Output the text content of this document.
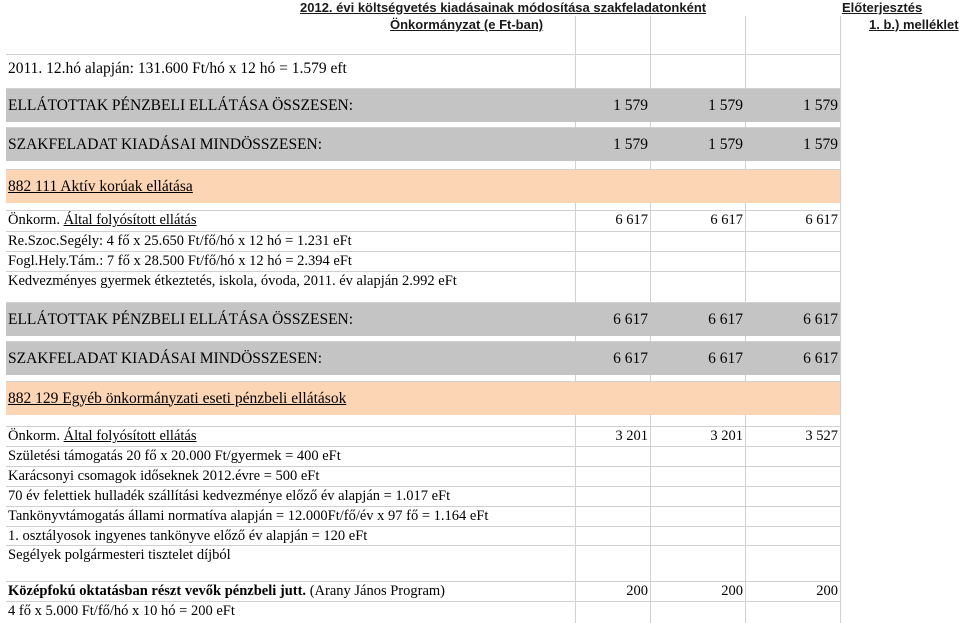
2012. évi költségvetés kiadásainak módosítása szakfeladatonként	Előterjesztés
Önkormányzat (e Ft-ban)	1. b.) melléklet
2011. 12.hó alapján: 131.600 Ft/hó x 12 hó = 1.579 eft
ELLÁTOTTAK PÉNZBELI ELLÁTÁSA ÖSSZESEN:	1 579	1 579	1 579
SZAKFELADAT KIADÁSAI MINDÖSSZESEN:	1 579	1 579	1 579
882 111 Aktív korúak ellátása
Önkorm. Által folyósított ellátás	6 617	6 617	6 617
Re.Szoc.Segély: 4 fő x 25.650 Ft/fő/hó x 12 hó = 1.231 eFt
Fogl.Hely.Tám.: 7 fő x 28.500 Ft/fő/hó x 12 hó = 2.394 eFt
Kedvezményes gyermek étkeztetés, iskola, óvoda, 2011. év alapján 2.992 eFt
ELLÁTOTTAK PÉNZBELI ELLÁTÁSA ÖSSZESEN:	6 617	6 617	6 617
SZAKFELADAT KIADÁSAI MINDÖSSZESEN:	6 617	6 617	6 617
882 129 Egyéb önkormányzati eseti pénzbeli ellátások
Önkorm. Által folyósított ellátás	3 201	3 201	3 527
Születési támogatás 20 fő x 20.000 Ft/gyermek = 400 eFt
Karácsonyi csomagok időseknek 2012.évre = 500 eFt
70 év felettiek hulladék szállítási kedvezménye előző év alapján = 1.017 eFt
Tankönyvtámogatás állami normatíva alapján = 12.000Ft/fő/év x 97 fő = 1.164 eFt
1. osztályosok ingyenes tankönyve előző év alapján = 120 eFt
Segélyek polgármesteri tisztelet díjból
Középfokú oktatásban részt vevők pénzbeli jutt. (Arany János Program)	200	200	200
4 fő x 5.000 Ft/fő/hó x 10 hó = 200 eFt
